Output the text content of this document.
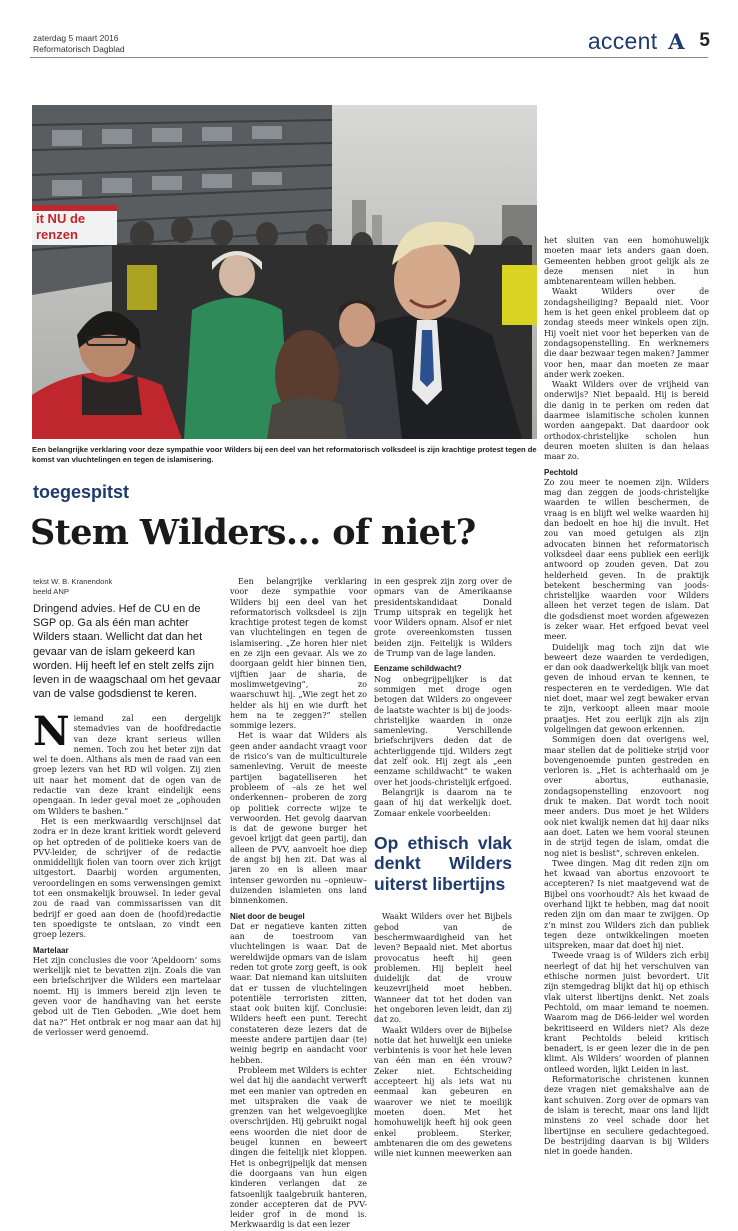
zaterdag 5 maart 2016
Reformatorisch Dagblad	accent A 5
it NU de
renzen
Een belangrijke verklaring voor deze sympathie voor Wilders bij een deel van het reformatorisch volksdeel is zijn krachtige protest tegen de komst van vluchtelingen en tegen de islamisering.
toegespitst
Stem Wilders... of niet?
tekst W. B. Kranendonk
beeld ANP
Dringend advies. Hef de CU en de SGP op. Ga als één man achter Wilders staan. Wellicht dat dan het gevaar van de islam gekeerd kan worden. Hij heeft lef en stelt zelfs zijn leven in de waagschaal om het gevaar van de valse godsdienst te keren.

Niemand zal een dergelijk stemadvies van de hoofdredactie van deze krant serieus willen nemen. Toch zou het beter zijn dat wel te doen. Althans als men de raad van een groep lezers van het RD wil volgen. Zij zien uit naar het moment dat de ogen van de redactie van deze krant eindelijk eens opengaan. In ieder geval moet ze „ophouden om Wilders te bashen.”

Het is een merkwaardig verschijnsel dat zodra er in deze krant kritiek wordt geleverd op het optreden of de politieke koers van de PVV-leider, de schrijver of de redactie onmiddellijk fiolen van toorn over zich krijgt uitgestort. Daarbij worden argumenten, veroordelingen en soms verwensingen gemixt tot een onsmakelijk brouwsel. In ieder geval zou de raad van commissarissen van dit bedrijf er goed aan doen de (hoofd)redactie ten spoedigste te ontslaan, zo vindt een groep lezers.

Martelaar

Het zijn conclusies die voor ‘Apeldoorn’ soms werkelijk niet te bevatten zijn. Zoals die van een briefschrijver die Wilders een martelaar noemt. Hij is immers bereid zijn leven te geven voor de handhaving van het eerste gebod uit de Tien Geboden. „Wie doet hem dat na?” Het ontbrak er nog maar aan dat hij de verlosser werd genoemd.

Een belangrijke verklaring voor deze sympathie voor Wilders bij een deel van het reformatorisch volksdeel is zijn krachtige protest tegen de komst van vluchtelingen en tegen de islamisering. „Ze horen hier niet en ze zijn een gevaar. Als we zo doorgaan geldt hier binnen tien, vijftien jaar de sharia, de moslimwetgeving”, zo waarschuwt hij. „Wie zegt het zo helder als hij en wie durft het hem na te zeggen?” stellen sommige lezers.

Het is waar dat Wilders als geen ander aandacht vraagt voor de risico’s van de multiculturele samenleving. Veruit de meeste partijen bagatelliseren het probleem of –als ze het wel onderkennen– proberen de zorg op politiek correcte wijze te verwoorden. Het gevolg daarvan is dat de gewone burger het gevoel krijgt dat geen partij, dan alleen de PVV, aanvoelt hoe diep de angst bij hen zit. Dat was al jaren zo en is alleen maar intenser geworden nu –opnieuw– duizenden islamieten ons land binnenkomen.

Niet door de beugel

Dat er negatieve kanten zitten aan de toestroom van vluchtelingen is waar. Dat de wereldwijde opmars van de islam reden tot grote zorg geeft, is ook waar. Dat niemand kan uitsluiten dat er tussen de vluchtelingen potentiële terroristen zitten, staat ook buiten kijf. Conclusie: Wilders heeft een punt. Terecht constateren deze lezers dat de meeste andere partijen daar (te) weinig begrip en aandacht voor hebben.

Probleem met Wilders is echter wel dat hij die aandacht verwerft met een manier van optreden en met uitspraken die vaak de grenzen van het welgevoeglijke overschrijden. Hij gebruikt nogal eens woorden die niet door de beugel kunnen en beweert dingen die feitelijk niet kloppen. Het is onbegrijpelijk dat mensen die doorgaans van hun eigen kinderen verlangen dat ze fatsoenlijk taalgebruik hanteren, zonder accepteren dat de PVV-leider grof in de mond is. Merkwaardig is dat een lezer

in een gesprek zijn zorg over de opmars van de Amerikaanse presidentskandidaat Donald Trump uitsprak en tegelijk het voor Wilders opnam. Alsof er niet grote overeenkomsten tussen beiden zijn. Feitelijk is Wilders de Trump van de lage landen.

Eenzame schildwacht?

Nog onbegrijpelijker is dat sommigen met droge ogen betogen dat Wilders zo ongeveer de laatste wachter is bij de joods-christelijke waarden in onze samenleving. Verschillende briefschrijvers deden dat de achterliggende tijd. Wilders zegt dat zelf ook. Hij zegt als „een eenzame schildwacht” te waken over het joods-christelijk erfgoed.

Belangrijk is daarom na te gaan of hij dat werkelijk doet. Zomaar enkele voorbeelden:

Op ethisch vlak denkt Wilders uiterst libertijns

Waakt Wilders over het Bijbels gebod van de beschermwaardigheid van het leven? Bepaald niet. Met abortus provocatus heeft hij geen problemen. Hij bepleit heel duidelijk dat de vrouw keuzevrijheid moet hebben. Wanneer dat tot het doden van het ongeboren leven leidt, dan zij dat zo.

Waakt Wilders over de Bijbelse notie dat het huwelijk een unieke verbintenis is voor het hele leven van één man en één vrouw? Zeker niet. Echtscheiding accepteert hij als iets wat nu eenmaal kan gebeuren en waarover we niet te moeilijk moeten doen. Met het homohuwelijk heeft hij ook geen enkel probleem. Sterker, ambtenaren die om des gewetens wille niet kunnen meewerken aan

het sluiten van een homohuwelijk moeten maar iets anders gaan doen. Gemeenten hebben groot gelijk als ze deze mensen niet in hun ambtenarenteam willen hebben.

Waakt Wilders over de zondagsheiliging? Bepaald niet. Voor hem is het geen enkel probleem dat op zondag steeds meer winkels open zijn. Hij voelt niet voor het beperken van de zondagsopenstelling. En werknemers die daar bezwaar tegen maken? Jammer voor hen, maar dan moeten ze maar ander werk zoeken.

Waakt Wilders over de vrijheid van onderwijs? Niet bepaald. Hij is bereid die danig in te perken om reden dat daarmee islamitische scholen kunnen worden aangepakt. Dat daardoor ook orthodox-christelijke scholen hun deuren moeten sluiten is dan helaas maar zo.

Pechtold

Zo zou meer te noemen zijn. Wilders mag dan zeggen de joods-christelijke waarden te willen beschermen, de vraag is en blijft wel welke waarden hij dan bedoelt en hoe hij die invult. Het zou van moed getuigen als zijn advocaten binnen het reformatorisch volksdeel daar eens publiek een eerlijk antwoord op zouden geven. Dat zou helderheid geven. In de praktijk betekent bescherming van joods-christelijke waarden voor Wilders alleen het verzet tegen de islam. Dat die godsdienst moet worden afgewezen is zeker waar. Het erfgoed bevat veel meer.

Duidelijk mag toch zijn dat wie beweert deze waarden te verdedigen, er dan ook daadwerkelijk blijk van moet geven de inhoud ervan te kennen, te respecteren en te verdedigen. Wie dat niet doet, maar wel zegt bewaker ervan te zijn, verkoopt alleen maar mooie praatjes. Het zou eerlijk zijn als zijn volgelingen dat gewoon erkennen.

Sommigen doen dat overigens wel, maar stellen dat de politieke strijd voor bovengenoemde punten gestreden en verloren is. „Het is achterhaald om je over abortus, euthanasie, zondagsopenstelling enzovoort nog druk te maken. Dat wordt toch nooit meer anders. Dus moet je het Wilders ook niet kwalijk nemen dat hij daar niks aan doet. Laten we hem vooral steunen in de strijd tegen de islam, omdat die nog niet is beslist”, schreven enkelen.

Twee dingen. Mag dit reden zijn om het kwaad van abortus enzovoort te accepteren? Is niet maatgevend wat de Bijbel ons voorhoudt? Als het kwaad de overhand lijkt te hebben, mag dat nooit reden zijn om dan maar te zwijgen. Op z’n minst zou Wilders zich dan publiek tegen deze ontwikkelingen moeten uitspreken, maar dat doet hij niet.

Tweede vraag is of Wilders zich erbij neerlegt of dat hij het verschuiven van ethische normen juist bevordert. Uit zijn stemgedrag blijkt dat hij op ethisch vlak uiterst libertijns denkt. Net zoals Pechtold, om maar iemand te noemen. Waarom mag de D66-leider wel worden bekritiseerd en Wilders niet? Als deze krant Pechtolds beleid kritisch benadert, is er geen lezer die in de pen klimt. Als Wilders’ woorden of plannen ontleed worden, lijkt Leiden in last.

Reformatorische christenen kunnen deze vragen niet gemakshalve aan de kant schuiven. Zorg over de opmars van de islam is terecht, maar ons land lijdt minstens zo veel schade door het libertijnse en seculiere gedachtegoed. De bestrijding daarvan is bij Wilders niet in goede handen.
